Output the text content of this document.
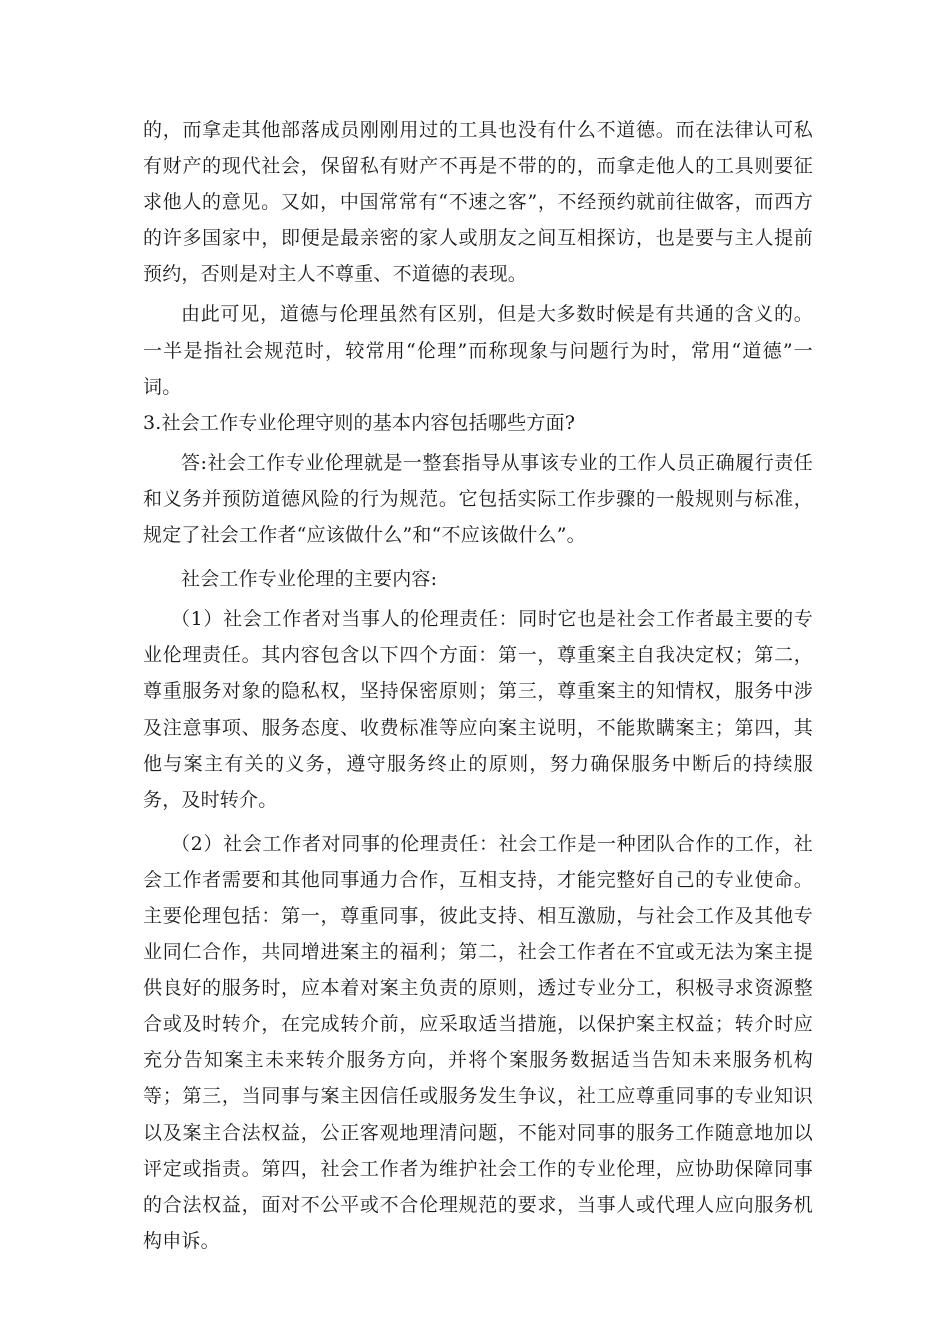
的，而拿走其他部落成员刚刚用过的工具也没有什么不道德。而在法律认可私有财产的现代社会，保留私有财产不再是不带的的，而拿走他人的工具则要征求他人的意见。又如，中国常常有“不速之客”，不经预约就前往做客，而西方的许多国家中，即便是最亲密的家人或朋友之间互相探访，也是要与主人提前预约，否则是对主人不尊重、不道德的表现。

由此可见，道德与伦理虽然有区别，但是大多数时候是有共通的含义的。一半是指社会规范时，较常用“伦理”而称现象与问题行为时，常用“道德”一词。

3.社会工作专业伦理守则的基本内容包括哪些方面?

答:社会工作专业伦理就是一整套指导从事该专业的工作人员正确履行责任和义务并预防道德风险的行为规范。它包括实际工作步骤的一般规则与标准，规定了社会工作者“应该做什么”和“不应该做什么”。

社会工作专业伦理的主要内容:

（1）社会工作者对当事人的伦理责任：同时它也是社会工作者最主要的专业伦理责任。其内容包含以下四个方面：第一，尊重案主自我决定权；第二，尊重服务对象的隐私权，坚持保密原则；第三，尊重案主的知情权，服务中涉及注意事项、服务态度、收费标准等应向案主说明，不能欺瞒案主；第四，其他与案主有关的义务，遵守服务终止的原则，努力确保服务中断后的持续服务，及时转介。

（2）社会工作者对同事的伦理责任：社会工作是一种团队合作的工作，社会工作者需要和其他同事通力合作，互相支持，才能完整好自己的专业使命。主要伦理包括：第一，尊重同事，彼此支持、相互激励，与社会工作及其他专业同仁合作，共同增进案主的福利；第二，社会工作者在不宜或无法为案主提供良好的服务时，应本着对案主负责的原则，透过专业分工，积极寻求资源整合或及时转介，在完成转介前，应采取适当措施，以保护案主权益；转介时应充分告知案主未来转介服务方向，并将个案服务数据适当告知未来服务机构等；第三，当同事与案主因信任或服务发生争议，社工应尊重同事的专业知识以及案主合法权益，公正客观地理清问题，不能对同事的服务工作随意地加以评定或指责。第四，社会工作者为维护社会工作的专业伦理，应协助保障同事的合法权益，面对不公平或不合伦理规范的要求，当事人或代理人应向服务机构申诉。
